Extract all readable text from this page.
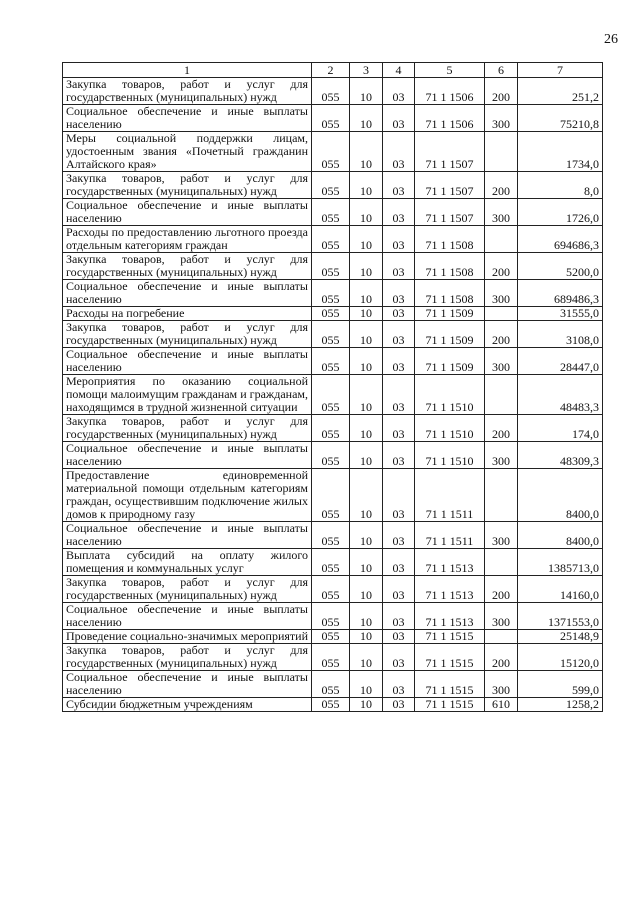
26
1	2	3	4	5	6	7
Закупка товаров, работ и услуг для государственных (муниципальных) нужд	055	10	03	71 1 1506	200	251,2
Социальное обеспечение и иные выплаты населению	055	10	03	71 1 1506	300	75210,8
Меры социальной поддержки лицам, удостоенным звания «Почетный гражданин Алтайского края»	055	10	03	71 1 1507		1734,0
Закупка товаров, работ и услуг для государственных (муниципальных) нужд	055	10	03	71 1 1507	200	8,0
Социальное обеспечение и иные выплаты населению	055	10	03	71 1 1507	300	1726,0
Расходы по предоставлению льготного проезда отдельным категориям граждан	055	10	03	71 1 1508		694686,3
Закупка товаров, работ и услуг для государственных (муниципальных) нужд	055	10	03	71 1 1508	200	5200,0
Социальное обеспечение и иные выплаты населению	055	10	03	71 1 1508	300	689486,3
Расходы на погребение	055	10	03	71 1 1509		31555,0
Закупка товаров, работ и услуг для государственных (муниципальных) нужд	055	10	03	71 1 1509	200	3108,0
Социальное обеспечение и иные выплаты населению	055	10	03	71 1 1509	300	28447,0
Мероприятия по оказанию социальной помощи малоимущим гражданам и гражданам, находящимся в трудной жизненной ситуации	055	10	03	71 1 1510		48483,3
Закупка товаров, работ и услуг для государственных (муниципальных) нужд	055	10	03	71 1 1510	200	174,0
Социальное обеспечение и иные выплаты населению	055	10	03	71 1 1510	300	48309,3
Предоставление единовременной материальной помощи отдельным категориям граждан, осуществившим подключение жилых домов к природному газу	055	10	03	71 1 1511		8400,0
Социальное обеспечение и иные выплаты населению	055	10	03	71 1 1511	300	8400,0
Выплата субсидий на оплату жилого помещения и коммунальных услуг	055	10	03	71 1 1513		1385713,0
Закупка товаров, работ и услуг для государственных (муниципальных) нужд	055	10	03	71 1 1513	200	14160,0
Социальное обеспечение и иные выплаты населению	055	10	03	71 1 1513	300	1371553,0
Проведение социально-значимых мероприятий	055	10	03	71 1 1515		25148,9
Закупка товаров, работ и услуг для государственных (муниципальных) нужд	055	10	03	71 1 1515	200	15120,0
Социальное обеспечение и иные выплаты населению	055	10	03	71 1 1515	300	599,0
Субсидии бюджетным учреждениям	055	10	03	71 1 1515	610	1258,2
